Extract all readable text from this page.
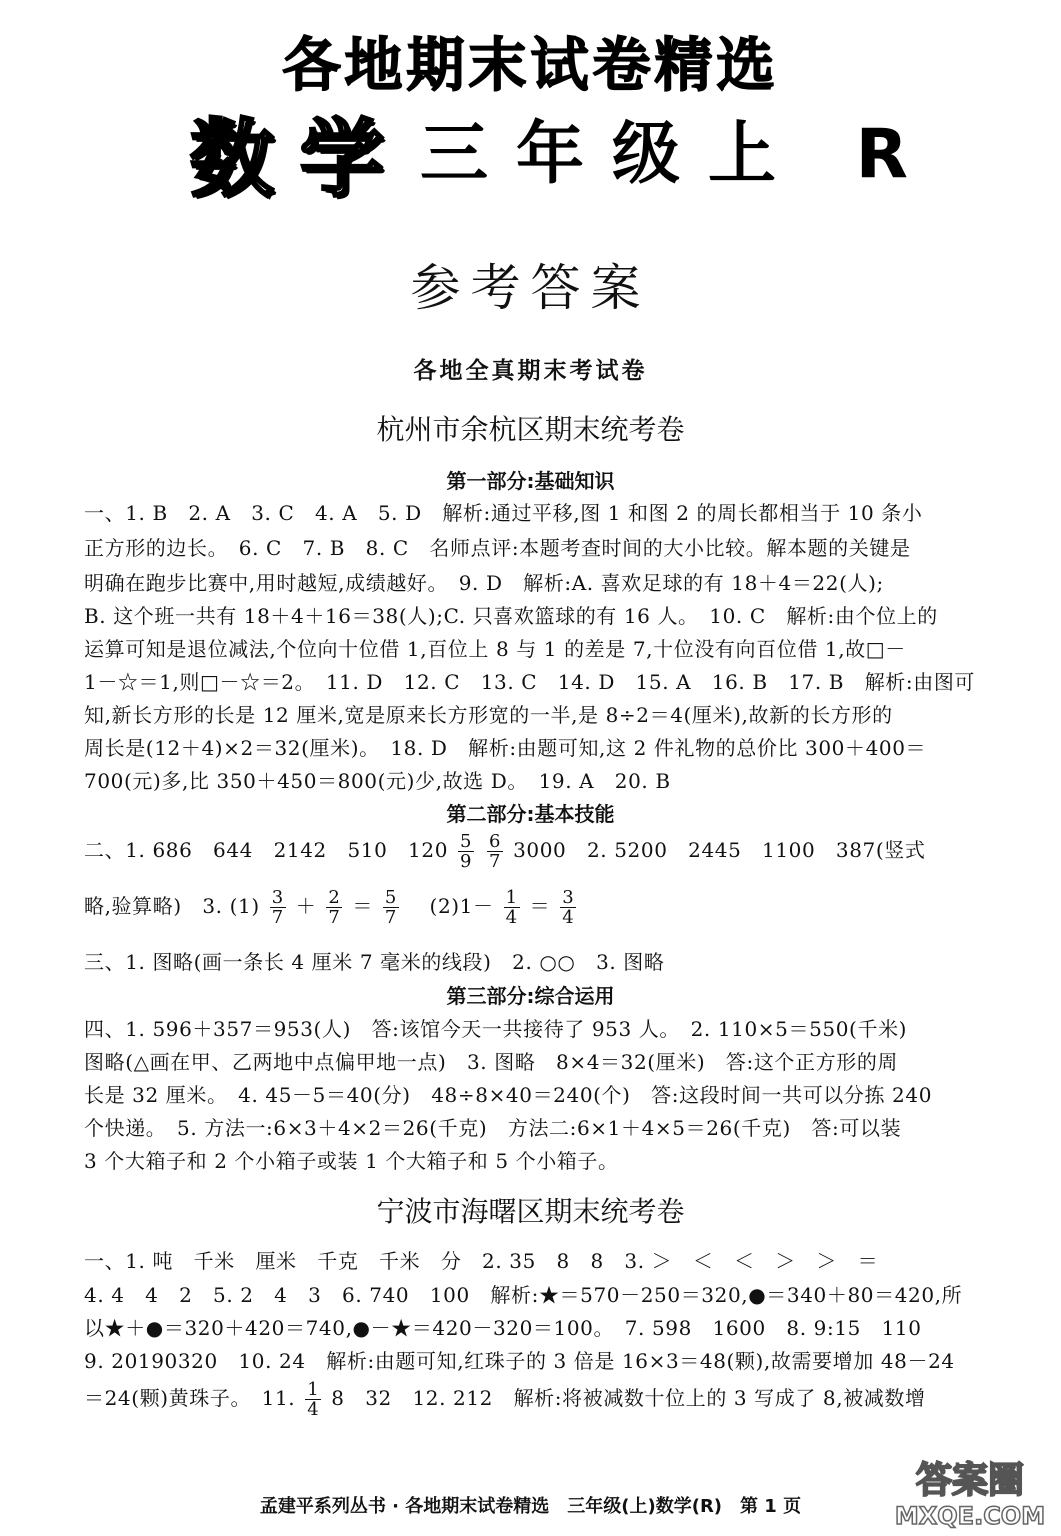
各地期末试卷精选
数学 三年级上 R
参考答案
各地全真期末考试卷
杭州市余杭区期末统考卷
第一部分:基础知识
一、1. B　2. A　3. C　4. A　5. D　解析:通过平移,图 1 和图 2 的周长都相当于 10 条小
正方形的边长。　6. C　7. B　8. C　名师点评:本题考查时间的大小比较。解本题的关键是
明确在跑步比赛中,用时越短,成绩越好。　9. D　解析:A. 喜欢足球的有 18＋4＝22(人);
B. 这个班一共有 18＋4＋16＝38(人);C. 只喜欢篮球的有 16 人。　10. C　解析:由个位上的
运算可知是退位减法,个位向十位借 1,百位上 8 与 1 的差是 7,十位没有向百位借 1,故□－
1－☆＝1,则□－☆＝2。　11. D　12. C　13. C　14. D　15. A　16. B　17. B　解析:由图可
知,新长方形的长是 12 厘米,宽是原来长方形宽的一半,是 8÷2＝4(厘米),故新的长方形的
周长是(12＋4)×2＝32(厘米)。　18. D　解析:由题可知,这 2 件礼物的总价比 300＋400＝
700(元)多,比 350＋450＝800(元)少,故选 D。　19. A　20. B
第二部分:基本技能
二、1. 686　644　2142　510　$120 \frac{5}{9}$
$\frac{6}{7} 3000$　2. 5200　2445　1100　387(竖式
略,验算略)　3. $(1) \frac{3}{7} + \frac{2}{7} = \frac{5}{7}$ 　$(2)1- \frac{1}{4} = \frac{3}{4}$
三、1. 图略(画一条长 4 厘米 7 毫米的线段)　2. ○○　3. 图略
第三部分:综合运用
四、1. 596＋357＝953(人)　答:该馆今天一共接待了 953 人。　2. 110×5＝550(千米)
图略(△画在甲、乙两地中点偏甲地一点)　3. 图略　8×4＝32(厘米)　答:这个正方形的周
长是 32 厘米。　4. 45－5＝40(分)　48÷8×40＝240(个)　答:这段时间一共可以分拣 240
个快递。　5. 方法一:6×3＋4×2＝26(千克)　方法二:6×1＋4×5＝26(千克)　答:可以装
3 个大箱子和 2 个小箱子或装 1 个大箱子和 5 个小箱子。
宁波市海曙区期末统考卷
一、1. 吨　千米　厘米　千克　千米　分　2. 35　8　8　3. ＞　＜　＜　＞　＞　＝
4. 4　4　2　5. 2　4　3　6. 740　100　解析:★＝570－250＝320,●＝340＋80＝420,所
以★＋●＝320＋420＝740,●－★＝420－320＝100。　7. 598　1600　8. 9:15　110
9. 20190320　10. 24　解析:由题可知,红珠子的 3 倍是 16×3＝48(颗),故需要增加 48－24
＝24(颗)黄珠子。　11. $\frac{1}{4} 8$　32　12. 212　解析:将被减数十位上的 3 写成了 8,被减数增
孟建平系列丛书 · 各地期末试卷精选　三年级(上)数学(R)　第 1 页
答案圈
MXQE.COM
